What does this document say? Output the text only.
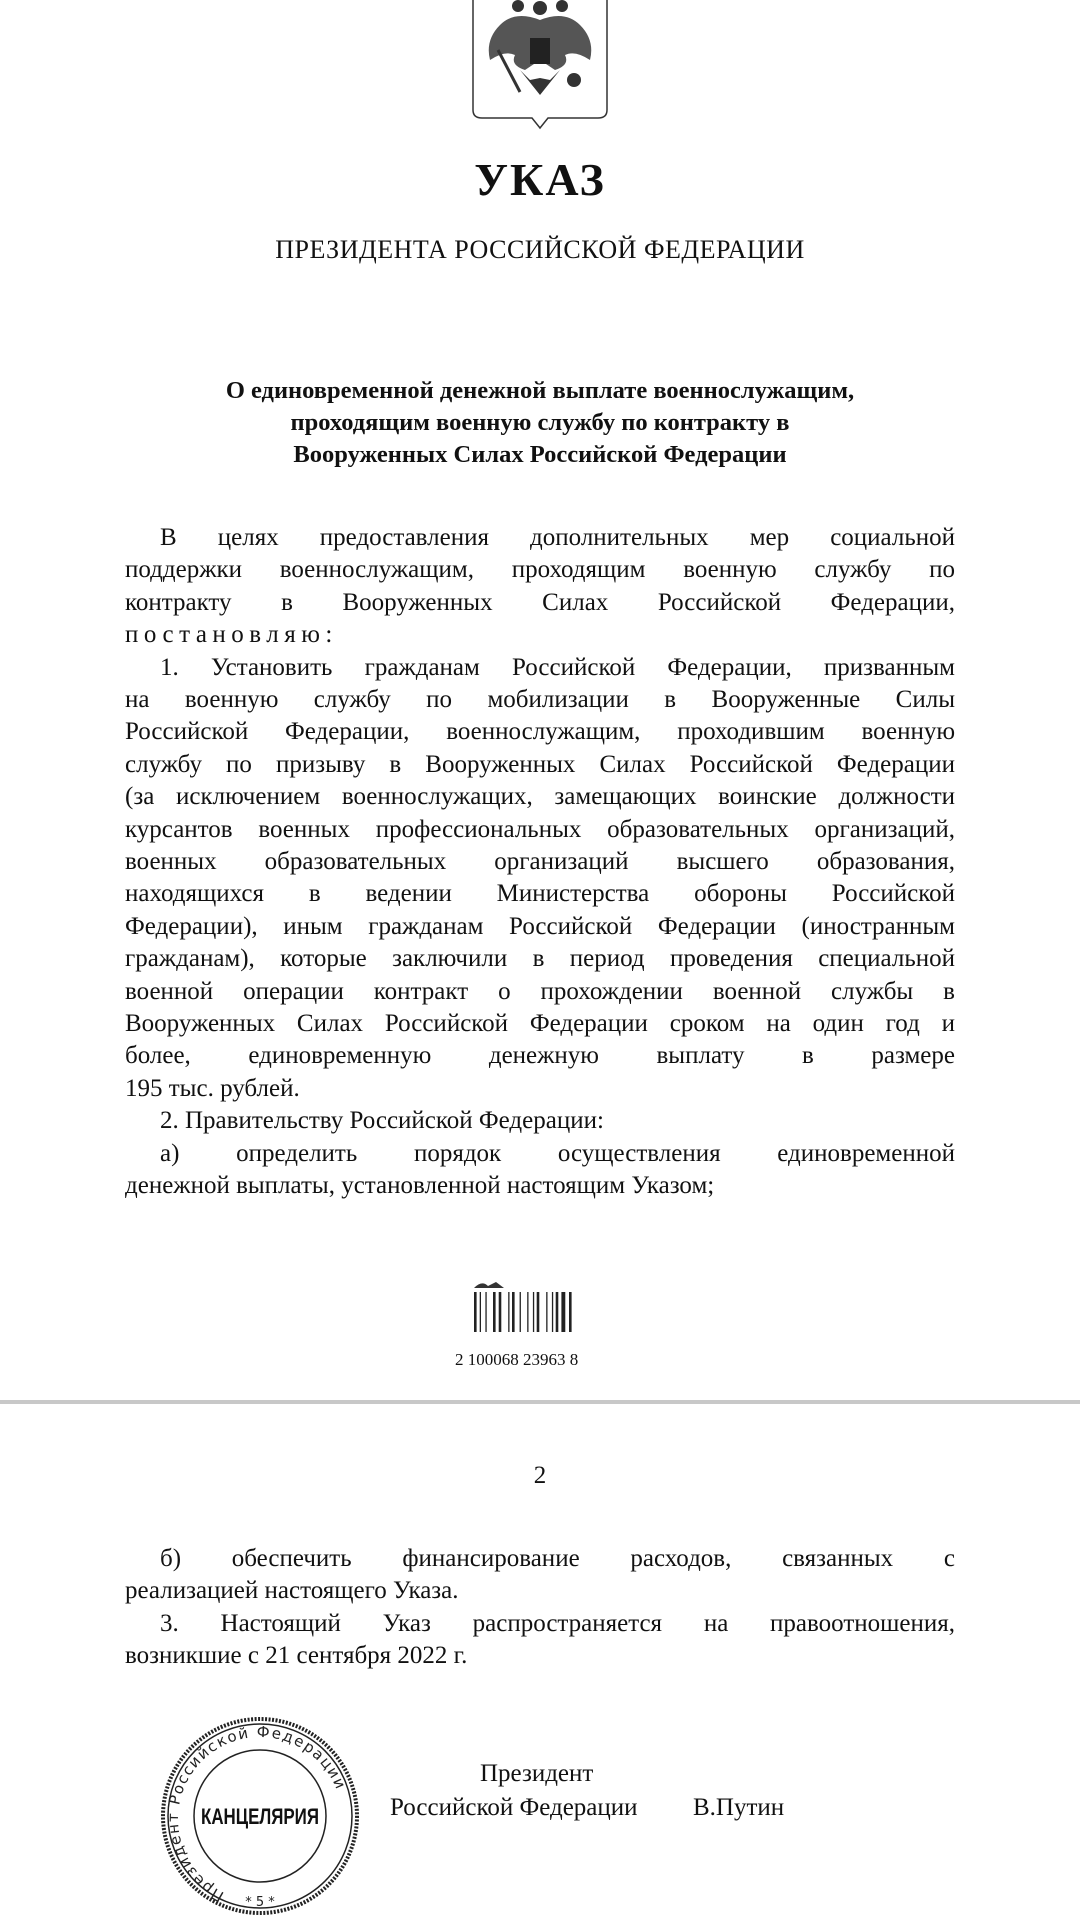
УКАЗ
ПРЕЗИДЕНТА РОССИЙСКОЙ ФЕДЕРАЦИИ
О единовременной денежной выплате военнослужащим,
проходящим военную службу по контракту в
Вооруженных Силах Российской Федерации
В целях предоставления дополнительных мер социальной
поддержки военнослужащим, проходящим военную службу по
контракту в Вооруженных Силах Российской Федерации,
постановляю:
1. Установить гражданам Российской Федерации, призванным
на военную службу по мобилизации в Вооруженные Силы
Российской Федерации, военнослужащим, проходившим военную
службу по призыву в Вооруженных Силах Российской Федерации
(за исключением военнослужащих, замещающих воинские должности
курсантов военных профессиональных образовательных организаций,
военных образовательных организаций высшего образования,
находящихся в ведении Министерства обороны Российской
Федерации), иным гражданам Российской Федерации (иностранным
гражданам), которые заключили в период проведения специальной
военной операции контракт о прохождении военной службы в
Вооруженных Силах Российской Федерации сроком на один год и
более, единовременную денежную выплату в размере
195 тыс. рублей.
2. Правительству Российской Федерации:
а) определить порядок осуществления единовременной
денежной выплаты, установленной настоящим Указом;
2 100068 23963 8
2
б) обеспечить финансирование расходов, связанных с
реализацией настоящего Указа.
3. Настоящий Указ распространяется на правоотношения,
возникшие с 21 сентября 2022 г.
Президент Российской Федерации
КАНЦЕЛЯРИЯ
* 5 *
Президент
Российской Федерации В.Путин
